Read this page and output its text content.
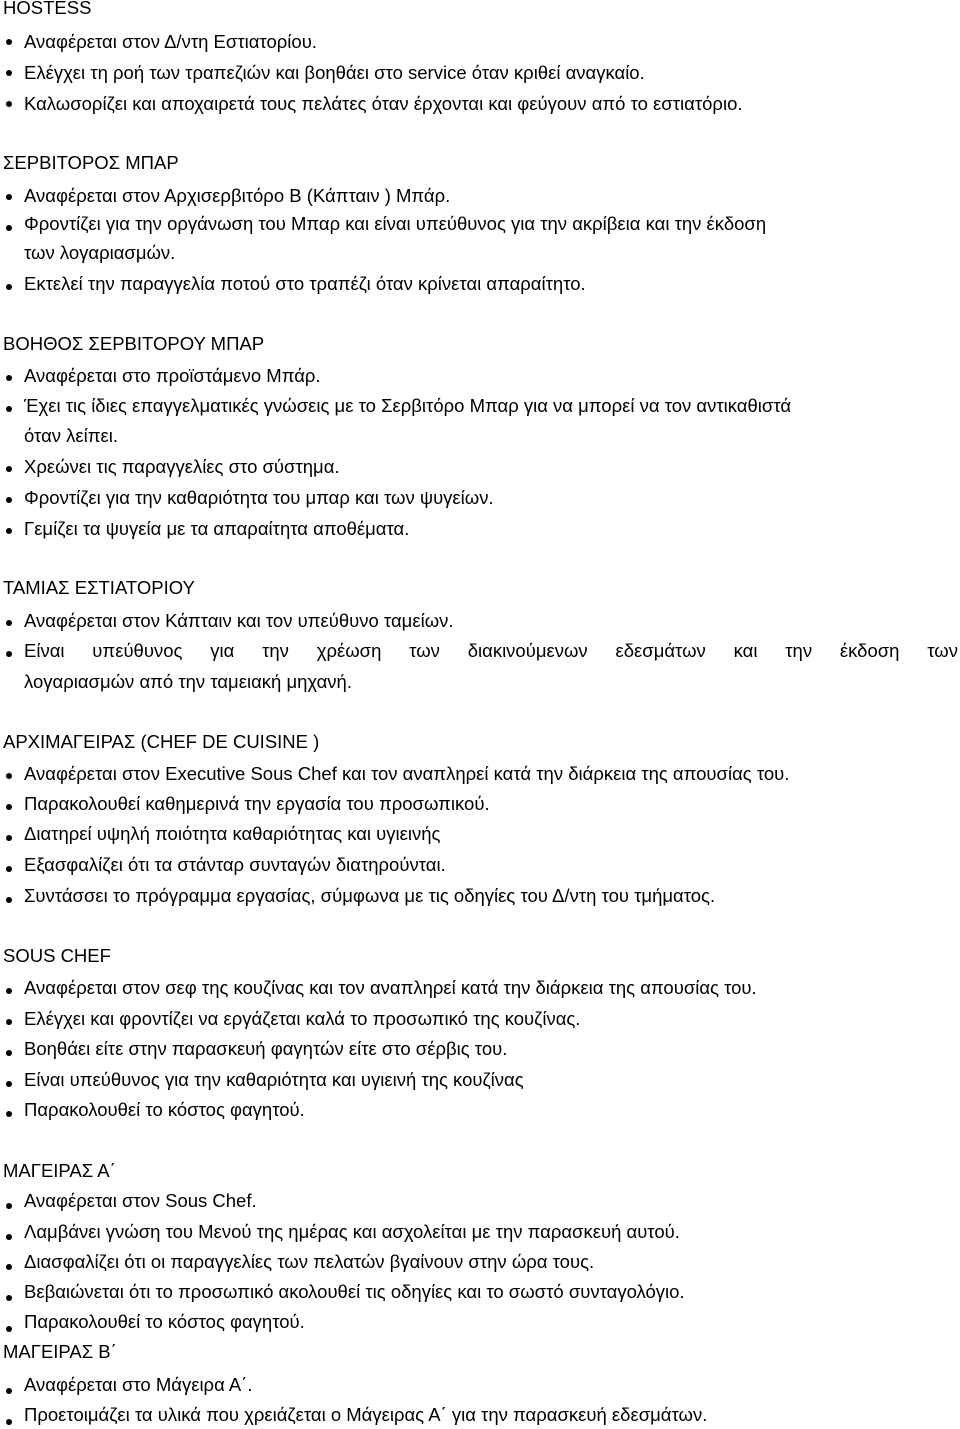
HOSTESS
Αναφέρεται στον Δ/ντη Εστιατορίου.
Ελέγχει τη ροή των τραπεζιών και βοηθάει στο service όταν κριθεί αναγκαίο.
Καλωσορίζει και αποχαιρετά τους πελάτες όταν έρχονται και φεύγουν από το εστιατόριο.
ΣΕΡΒΙΤΟΡΟΣ ΜΠΑΡ
Αναφέρεται στον Αρχισερβιτόρο Β (Κάπταιν ) Μπάρ.
Φροντίζει για την οργάνωση του Μπαρ και είναι υπεύθυνος για την ακρίβεια και την έκδοση
των λογαριασμών.
Εκτελεί την παραγγελία ποτού στο τραπέζι όταν κρίνεται απαραίτητο.
ΒΟΗΘΟΣ ΣΕΡΒΙΤΟΡΟΥ ΜΠΑΡ
Αναφέρεται στο προϊστάμενο Μπάρ.
Έχει τις ίδιες επαγγελματικές γνώσεις με το Σερβιτόρο Μπαρ για να μπορεί να τον αντικαθιστά
όταν λείπει.
Χρεώνει τις παραγγελίες στο σύστημα.
Φροντίζει για την καθαριότητα του μπαρ και των ψυγείων.
Γεμίζει τα ψυγεία με τα απαραίτητα αποθέματα.
ΤΑΜΙΑΣ ΕΣΤΙΑΤΟΡΙΟΥ
Αναφέρεται στον Κάπταιν και τον υπεύθυνο ταμείων.
Είναι υπεύθυνος για την χρέωση των διακινούμενων εδεσμάτων και την έκδοση των
λογαριασμών από την ταμειακή μηχανή.
ΑΡΧΙΜΑΓΕΙΡΑΣ (CHEF DE CUISINE )
Αναφέρεται στον Executive Sous Chef και τον αναπληρεί κατά την διάρκεια της απουσίας του.
Παρακολουθεί καθημερινά την εργασία του προσωπικού.
Διατηρεί υψηλή ποιότητα καθαριότητας και υγιεινής
Εξασφαλίζει ότι τα στάνταρ συνταγών διατηρούνται.
Συντάσσει το πρόγραμμα εργασίας, σύμφωνα με τις οδηγίες του Δ/ντη του τμήματος.
SOUS CHEF
Αναφέρεται στον σεφ της κουζίνας και τον αναπληρεί κατά την διάρκεια της απουσίας του.
Ελέγχει και φροντίζει να εργάζεται καλά το προσωπικό της κουζίνας.
Βοηθάει είτε στην παρασκευή φαγητών είτε στο σέρβις του.
Είναι υπεύθυνος για την καθαριότητα και υγιεινή της κουζίνας
Παρακολουθεί το κόστος φαγητού.
ΜΑΓΕΙΡΑΣ Α΄
Αναφέρεται στον Sous Chef.
Λαμβάνει γνώση του Μενού της ημέρας και ασχολείται με την παρασκευή αυτού.
Διασφαλίζει ότι οι παραγγελίες των πελατών βγαίνουν στην ώρα τους.
Βεβαιώνεται ότι το προσωπικό ακολουθεί τις οδηγίες και το σωστό συνταγολόγιο.
Παρακολουθεί το κόστος φαγητού.
ΜΑΓΕΙΡΑΣ Β΄
Αναφέρεται στο Μάγειρα Α΄.
Προετοιμάζει τα υλικά που χρειάζεται ο Μάγειρας Α΄ για την παρασκευή εδεσμάτων.
